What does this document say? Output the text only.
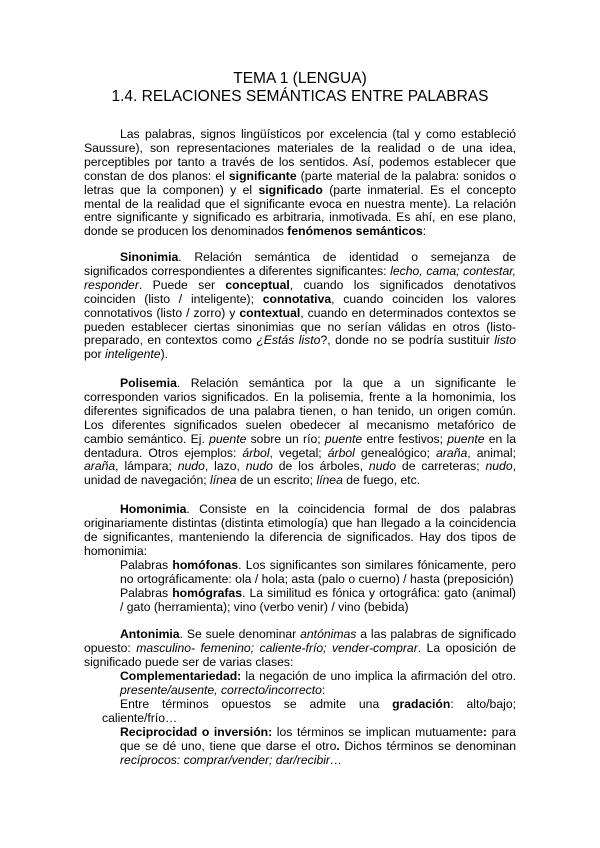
TEMA 1 (LENGUA)
1.4. RELACIONES SEMÁNTICAS ENTRE PALABRAS

Las palabras, signos lingüísticos por excelencia (tal y como estableció Saussure), son representaciones materiales de la realidad o de una idea, perceptibles por tanto a través de los sentidos. Así, podemos establecer que constan de dos planos: el significante (parte material de la palabra: sonidos o letras que la componen) y el significado (parte inmaterial. Es el concepto mental de la realidad que el significante evoca en nuestra mente). La relación entre significante y significado es arbitraria, inmotivada. Es ahí, en ese plano, donde se producen los denominados fenómenos semánticos:

Sinonimia. Relación semántica de identidad o semejanza de significados correspondientes a diferentes significantes: lecho, cama; contestar, responder. Puede ser conceptual, cuando los significados denotativos coinciden (listo / inteligente); connotativa, cuando coinciden los valores connotativos (listo / zorro) y contextual, cuando en determinados contextos se pueden establecer ciertas sinonimias que no serían válidas en otros (listo-preparado, en contextos como ¿Estás listo?, donde no se podría sustituir listo por inteligente).

Polisemia. Relación semántica por la que a un significante le corresponden varios significados. En la polisemia, frente a la homonimia, los diferentes significados de una palabra tienen, o han tenido, un origen común. Los diferentes significados suelen obedecer al mecanismo metafórico de cambio semántico. Ej. puente sobre un río; puente entre festivos; puente en la dentadura. Otros ejemplos: árbol, vegetal; árbol genealógico; araña, animal; araña, lámpara; nudo, lazo, nudo de los árboles, nudo de carreteras; nudo, unidad de navegación; línea de un escrito; línea de fuego, etc.

Homonimia. Consiste en la coincidencia formal de dos palabras originariamente distintas (distinta etimología) que han llegado a la coincidencia de significantes, manteniendo la diferencia de significados. Hay dos tipos de homonimia:

Palabras homófonas. Los significantes son similares fónicamente, pero no ortográficamente: ola / hola; asta (palo o cuerno) / hasta (preposición)

Palabras homógrafas. La similitud es fónica y ortográfica: gato (animal) / gato (herramienta); vino (verbo venir) / vino (bebida)

Antonimia. Se suele denominar antónimas a las palabras de significado opuesto: masculino- femenino; caliente-frío; vender-comprar. La oposición de significado puede ser de varias clases:

Complementariedad: la negación de uno implica la afirmación del otro. presente/ausente, correcto/incorrecto:

Entre términos opuestos se admite una gradación: alto/bajo; caliente/frío…

Reciprocidad o inversión: los términos se implican mutuamente: para que se dé uno, tiene que darse el otro. Dichos términos se denominan recíprocos: comprar/vender; dar/recibir…
